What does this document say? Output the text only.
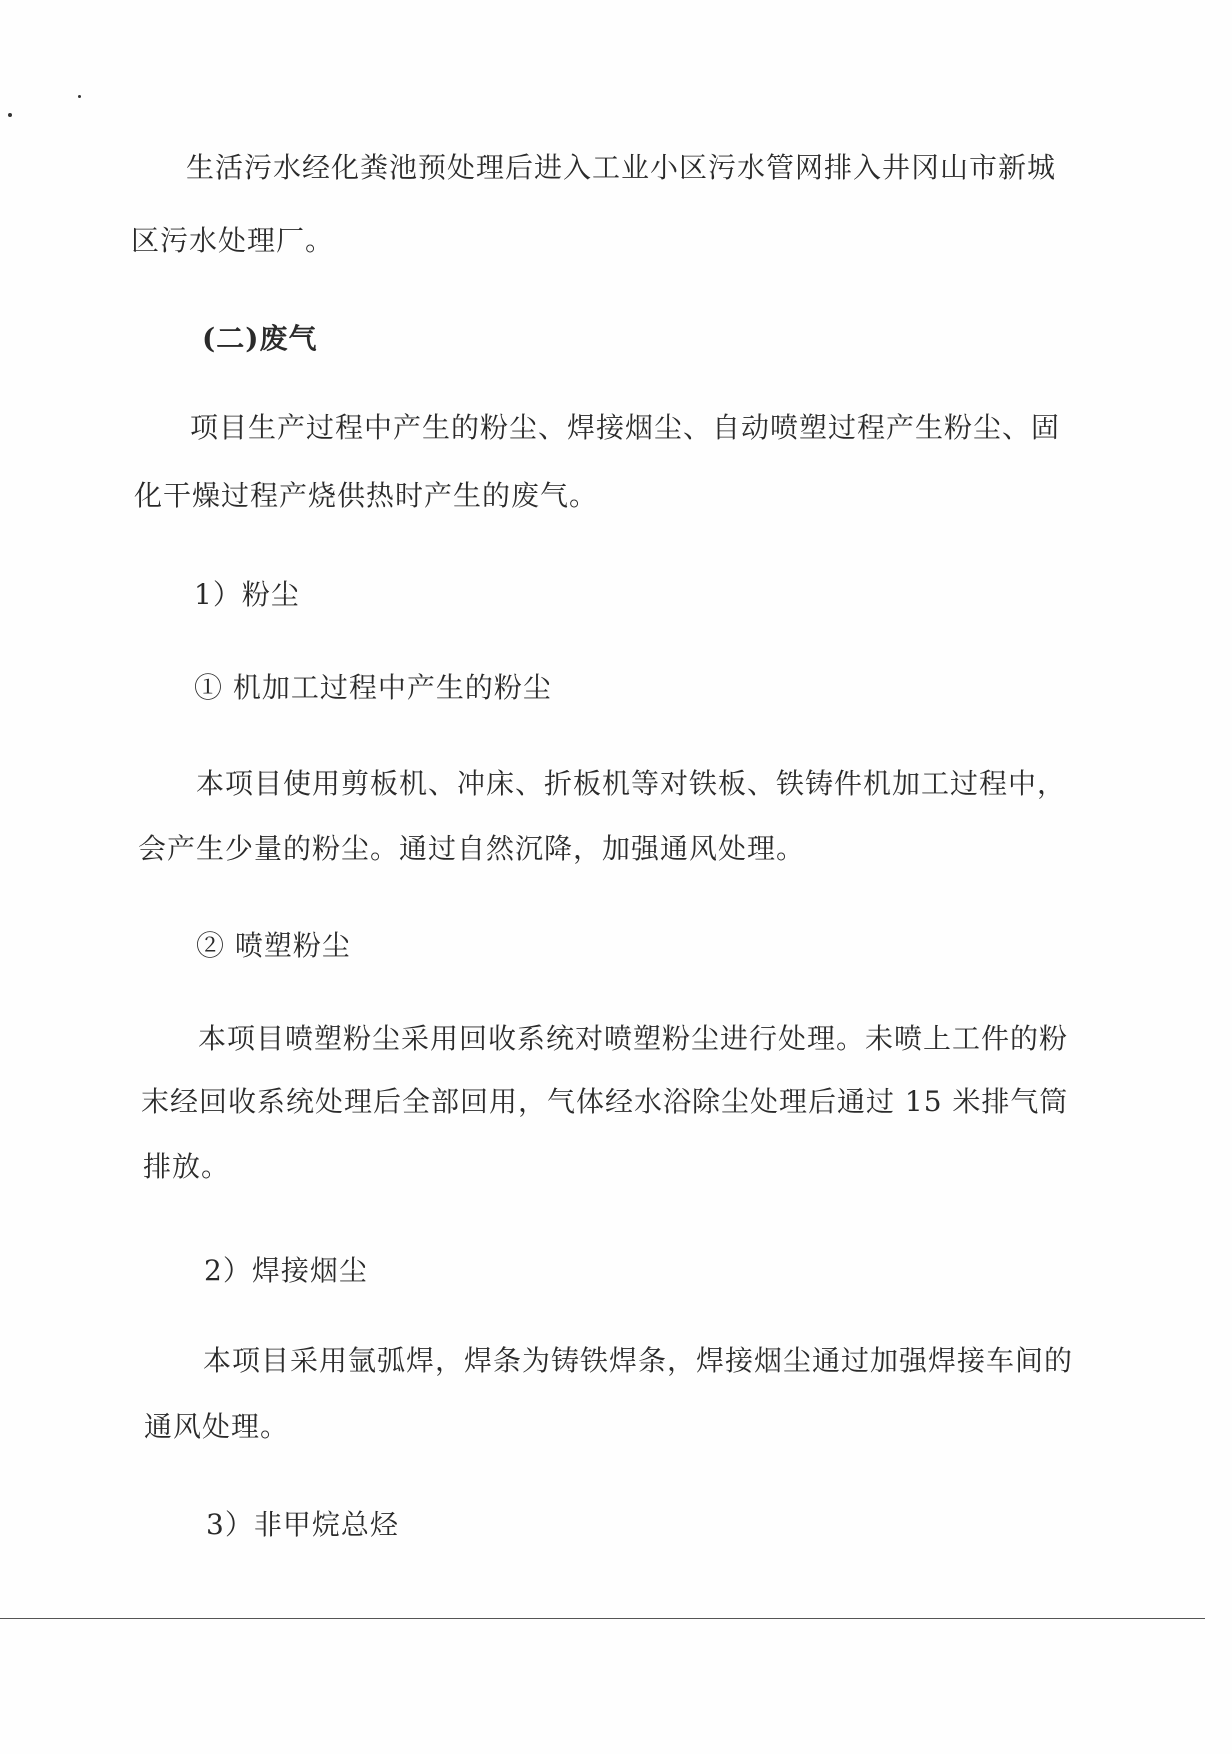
生活污水经化粪池预处理后进入工业小区污水管网排入井冈山市新城
区污水处理厂。
(二)废气
项目生产过程中产生的粉尘、焊接烟尘、自动喷塑过程产生粉尘、固
化干燥过程产烧供热时产生的废气。
1）粉尘
① 机加工过程中产生的粉尘
本项目使用剪板机、冲床、折板机等对铁板、铁铸件机加工过程中，
会产生少量的粉尘。通过自然沉降，加强通风处理。
② 喷塑粉尘
本项目喷塑粉尘采用回收系统对喷塑粉尘进行处理。未喷上工件的粉
末经回收系统处理后全部回用，气体经水浴除尘处理后通过 15 米排气筒
排放。
2）焊接烟尘
本项目采用氩弧焊，焊条为铸铁焊条，焊接烟尘通过加强焊接车间的
通风处理。
3）非甲烷总烃
